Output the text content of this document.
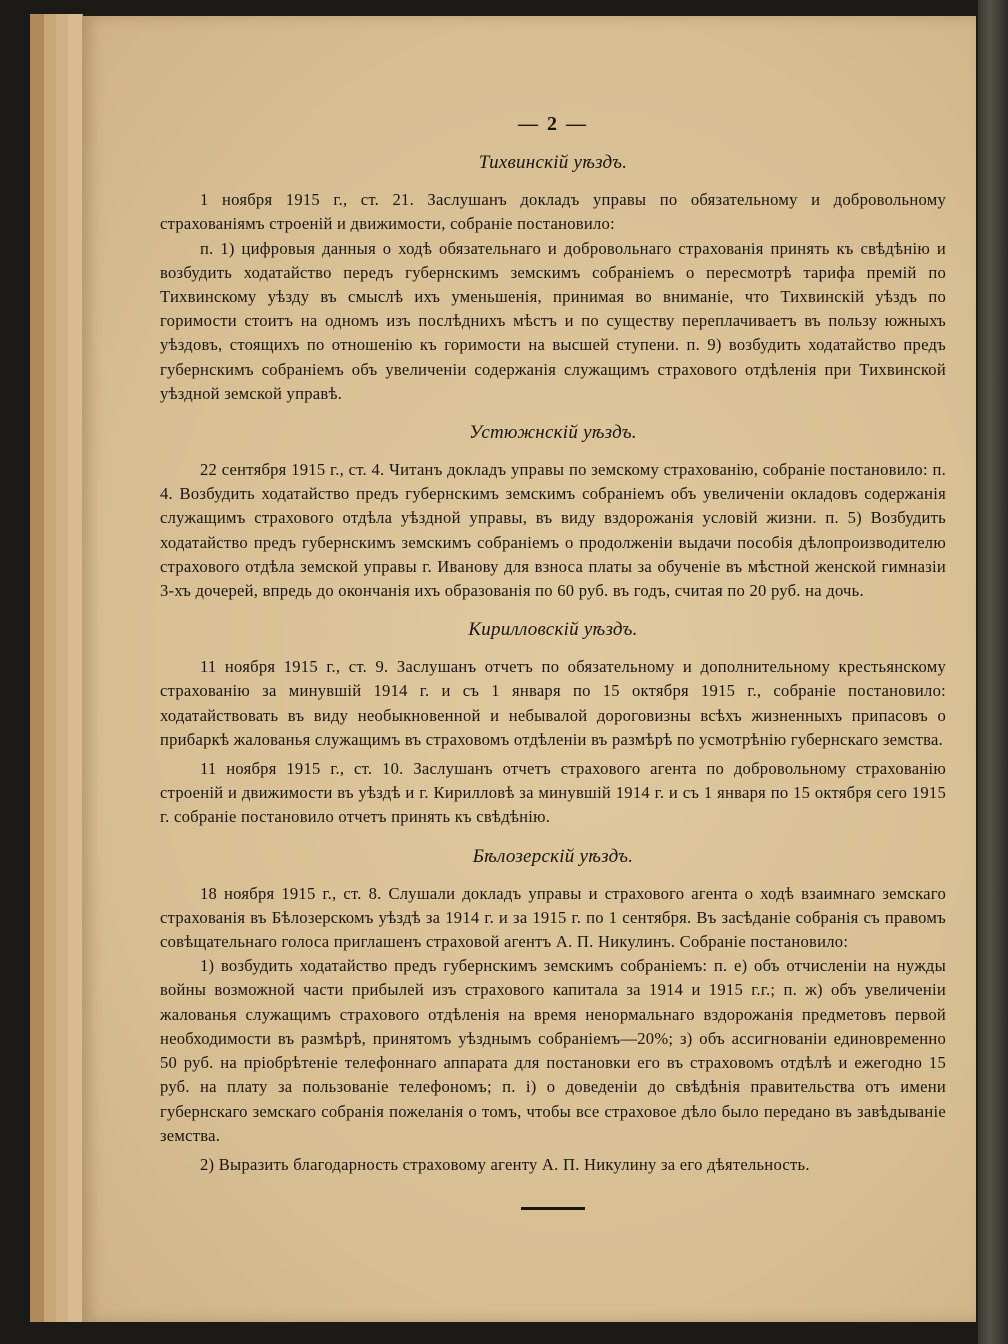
— 2 —
Тихвинскій уѣздъ.

1 ноября 1915 г., ст. 21. Заслушанъ докладъ управы по обязательному и добровольному страхованіямъ строеній и движимости, собраніе постановило:

п. 1) цифровыя данныя о ходѣ обязательнаго и добровольнаго страхованія принять къ свѣдѣнію и возбудить ходатайство передъ губернскимъ земскимъ собраніемъ о пересмотрѣ тарифа премій по Тихвинскому уѣзду въ смыслѣ ихъ уменьшенія, принимая во вниманіе, что Тихвинскій уѣздъ по горимости стоитъ на одномъ изъ послѣднихъ мѣстъ и по существу переплачиваетъ въ пользу южныхъ уѣздовъ, стоящихъ по отношенію къ горимости на высшей ступени. п. 9) возбудить ходатайство предъ губернскимъ собраніемъ объ увеличеніи содержанія служащимъ страхового отдѣленія при Тихвинской уѣздной земской управѣ.

Устюжнскій уѣздъ.

22 сентября 1915 г., ст. 4. Читанъ докладъ управы по земскому страхованію, собраніе постановило: п. 4. Возбудить ходатайство предъ губернскимъ земскимъ собраніемъ объ увеличеніи окладовъ содержанія служащимъ страхового отдѣла уѣздной управы, въ виду вздорожанія условій жизни. п. 5) Возбудить ходатайство предъ губернскимъ земскимъ собраніемъ о продолженіи выдачи пособія дѣлопроизводителю страхового отдѣла земской управы г. Иванову для взноса платы за обученіе въ мѣстной женской гимназіи 3-хъ дочерей, впредь до окончанія ихъ образованія по 60 руб. въ годъ, считая по 20 руб. на дочь.

Кирилловскій уѣздъ.

11 ноября 1915 г., ст. 9. Заслушанъ отчетъ по обязательному и дополнительному крестьянскому страхованію за минувшій 1914 г. и съ 1 января по 15 октября 1915 г., собраніе постановило: ходатайствовать въ виду необыкновенной и небывалой дороговизны всѣхъ жизненныхъ припасовъ о прибаркѣ жалованья служащимъ въ страховомъ отдѣленіи въ размѣрѣ по усмотрѣнію губернскаго земства.

11 ноября 1915 г., ст. 10. Заслушанъ отчетъ страхового агента по добровольному страхованію строеній и движимости въ уѣздѣ и г. Кирилловѣ за минувшій 1914 г. и съ 1 января по 15 октября сего 1915 г. собраніе постановило отчетъ принять къ свѣдѣнію.

Бѣлозерскій уѣздъ.

18 ноября 1915 г., ст. 8. Слушали докладъ управы и страхового агента о ходѣ взаимнаго земскаго страхованія въ Бѣлозерскомъ уѣздѣ за 1914 г. и за 1915 г. по 1 сентября. Въ засѣданіе собранія съ правомъ совѣщательнаго голоса приглашенъ страховой агентъ А. П. Никулинъ. Собраніе постановило:

1) возбудить ходатайство предъ губернскимъ земскимъ собраніемъ: п. е) объ отчисленіи на нужды войны возможной части прибылей изъ страхового капитала за 1914 и 1915 г.г.; п. ж) объ увеличеніи жалованья служащимъ страхового отдѣленія на время ненормальнаго вздорожанія предметовъ первой необходимости въ размѣрѣ, принятомъ уѣзднымъ собраніемъ—20%; з) объ ассигнованіи единовременно 50 руб. на пріобрѣтеніе телефоннаго аппарата для постановки его въ страховомъ отдѣлѣ и ежегодно 15 руб. на плату за пользованіе телефономъ; п. і) о доведеніи до свѣдѣнія правительства отъ имени губернскаго земскаго собранія пожеланія о томъ, чтобы все страховое дѣло было передано въ завѣдываніе земства.

2) Выразить благодарность страховому агенту А. П. Никулину за его дѣятельность.
